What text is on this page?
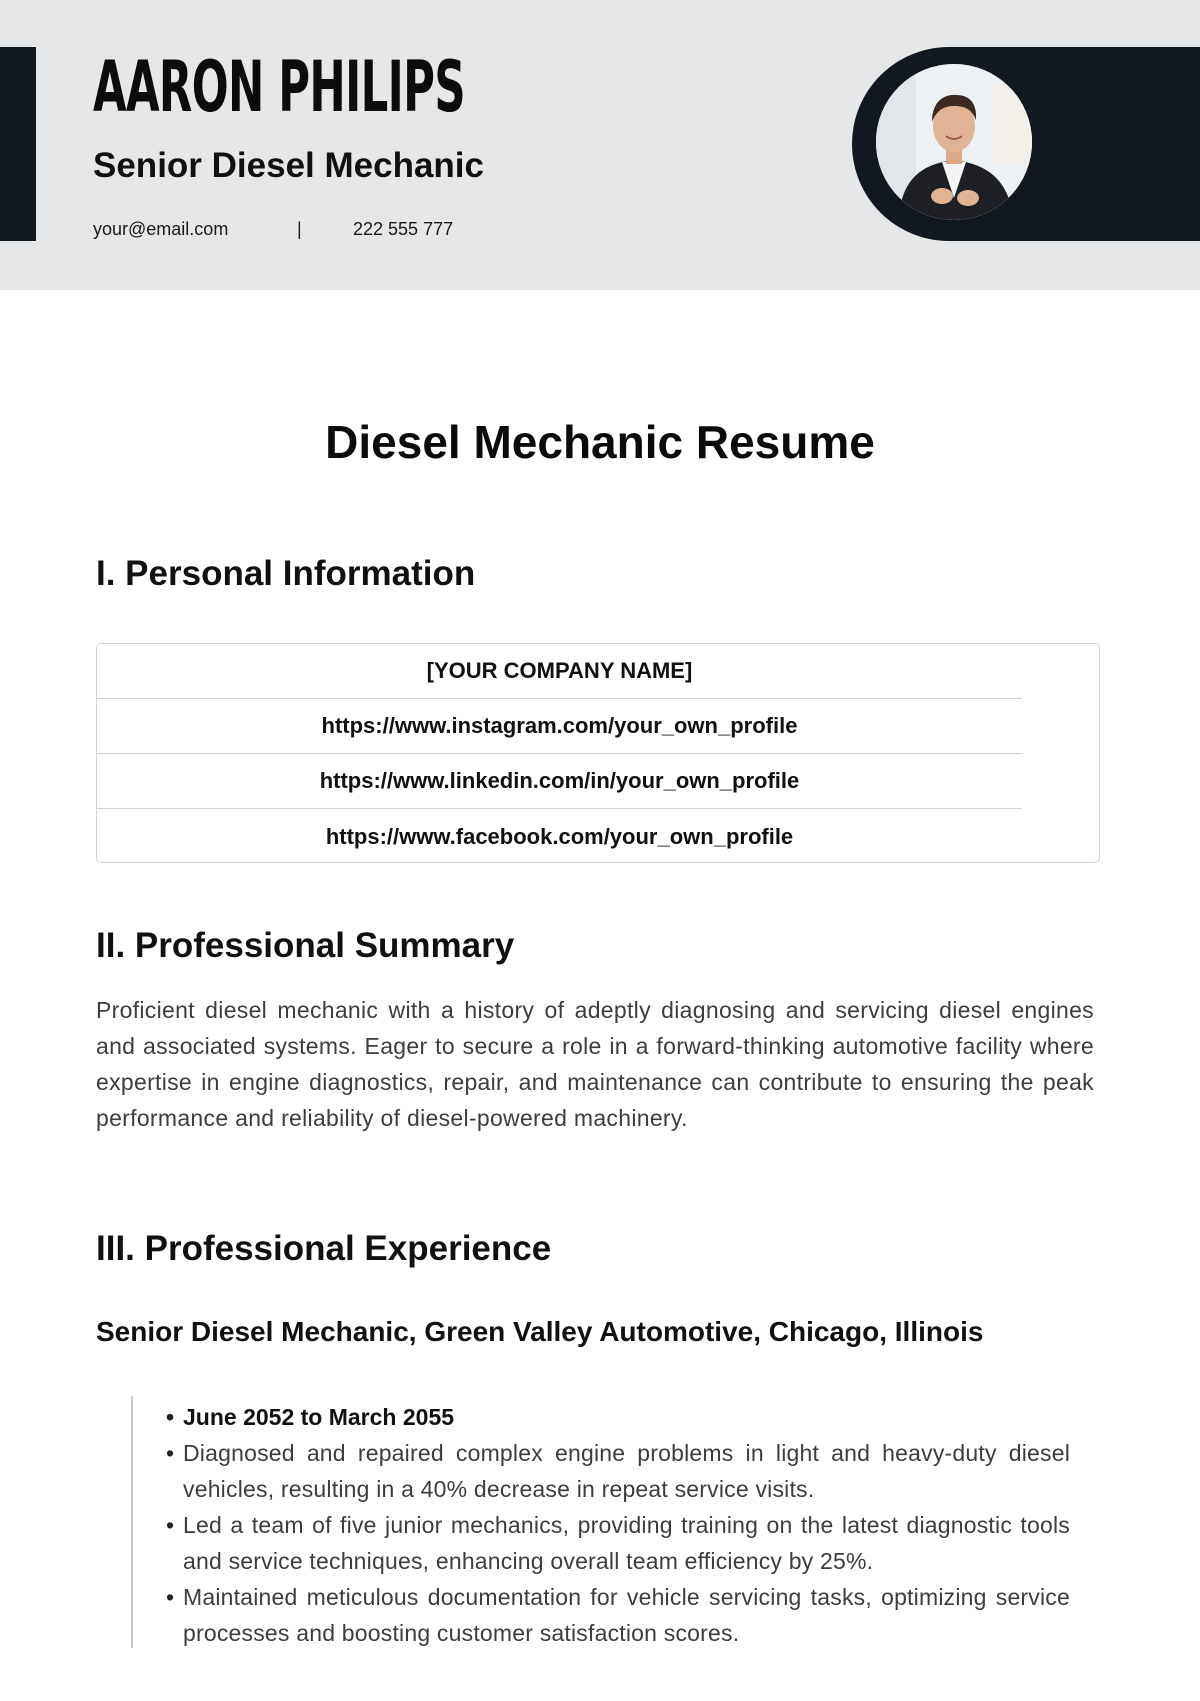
AARON PHILIPS
Senior Diesel Mechanic
your@email.com	|	222 555 777
Diesel Mechanic Resume
I. Personal Information
[YOUR COMPANY NAME]
https://www.instagram.com/your_own_profile
https://www.linkedin.com/in/your_own_profile
https://www.facebook.com/your_own_profile
II. Professional Summary

Proficient diesel mechanic with a history of adeptly diagnosing and servicing diesel engines and associated systems. Eager to secure a role in a forward-thinking automotive facility where expertise in engine diagnostics, repair, and maintenance can contribute to ensuring the peak performance and reliability of diesel-powered machinery.

III. Professional Experience
Senior Diesel Mechanic, Green Valley Automotive, Chicago, Illinois
• June 2052 to March 2055
• Diagnosed and repaired complex engine problems in light and heavy-duty diesel vehicles, resulting in a 40% decrease in repeat service visits.
• Led a team of five junior mechanics, providing training on the latest diagnostic tools and service techniques, enhancing overall team efficiency by 25%.
• Maintained meticulous documentation for vehicle servicing tasks, optimizing service processes and boosting customer satisfaction scores.
